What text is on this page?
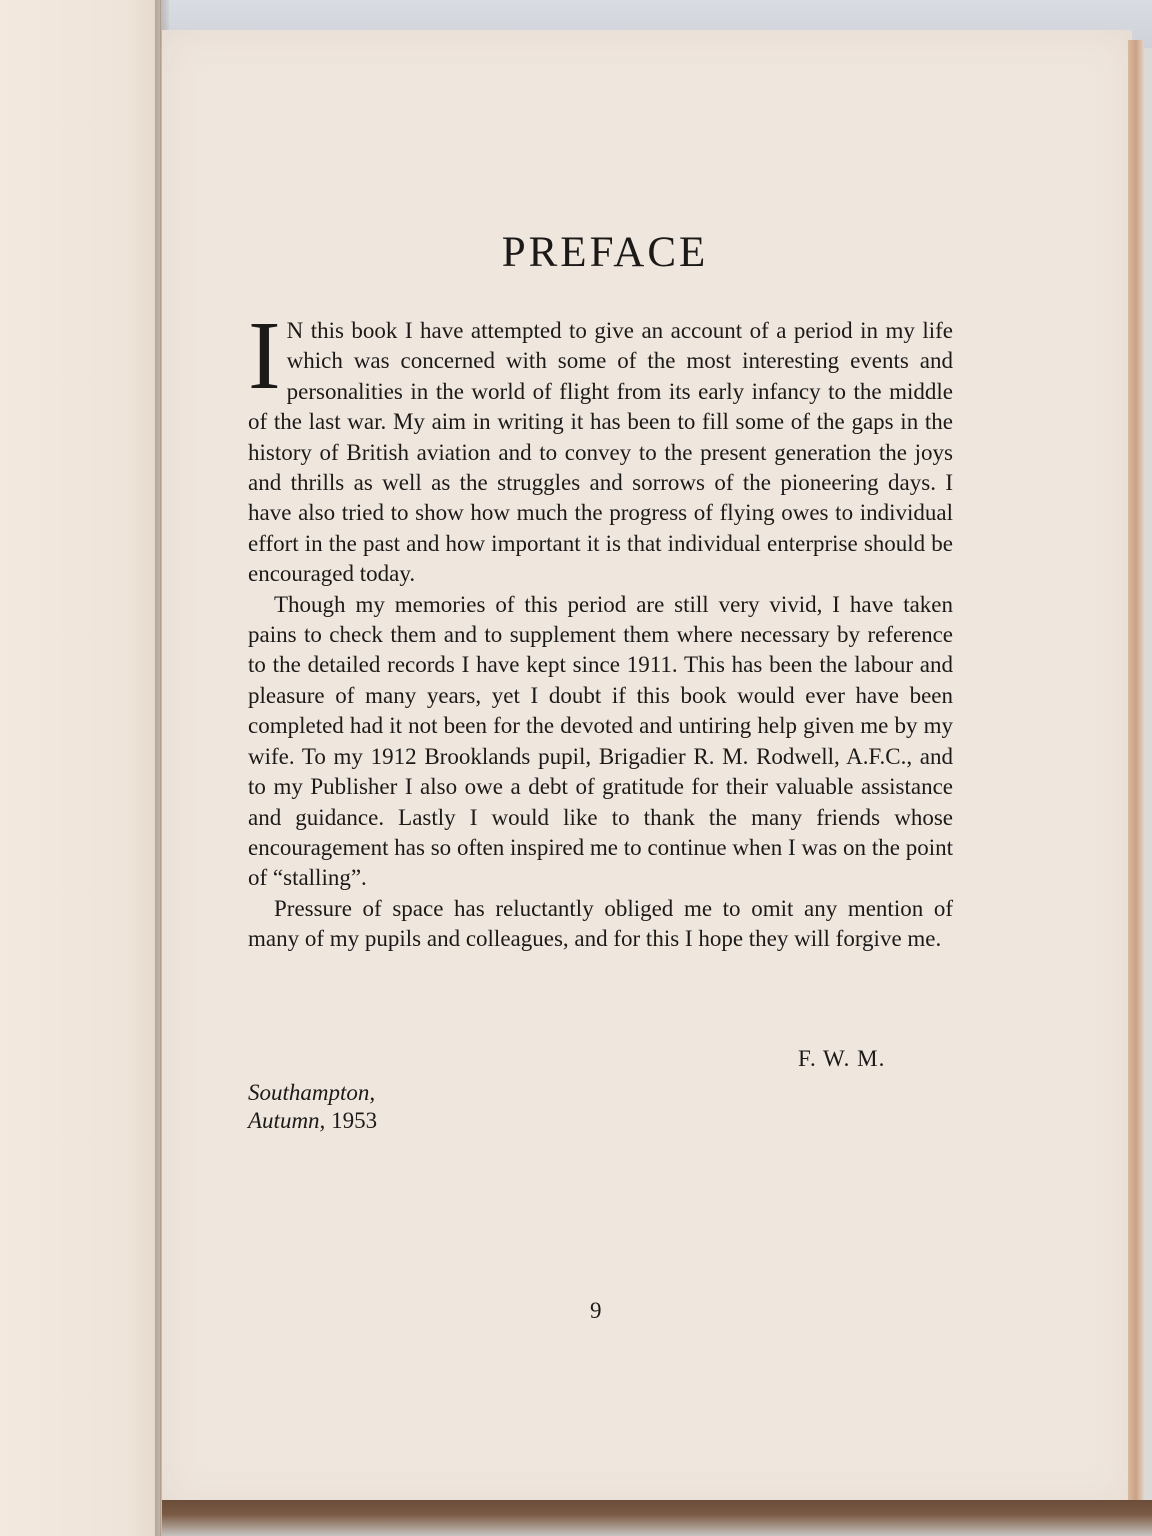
PREFACE

I N this book I have attempted to give an account of a period in my life which was concerned with some of the most interesting events and personalities in the world of flight from its early infancy to the middle of the last war. My aim in writing it has been to fill some of the gaps in the history of British aviation and to convey to the present generation the joys and thrills as well as the struggles and sorrows of the pioneering days. I have also tried to show how much the progress of flying owes to individual effort in the past and how important it is that individual enterprise should be encouraged today.

Though my memories of this period are still very vivid, I have taken pains to check them and to supplement them where necessary by reference to the detailed records I have kept since 1911. This has been the labour and pleasure of many years, yet I doubt if this book would ever have been completed had it not been for the devoted and untiring help given me by my wife. To my 1912 Brooklands pupil, Brigadier R. M. Rodwell, A.F.C., and to my Publisher I also owe a debt of gratitude for their valuable assistance and guidance. Lastly I would like to thank the many friends whose encouragement has so often inspired me to continue when I was on the point of “stalling”.

Pressure of space has reluctantly obliged me to omit any mention of many of my pupils and colleagues, and for this I hope they will forgive me.

F. W. M.
Southampton,
Autumn, 1953
9
